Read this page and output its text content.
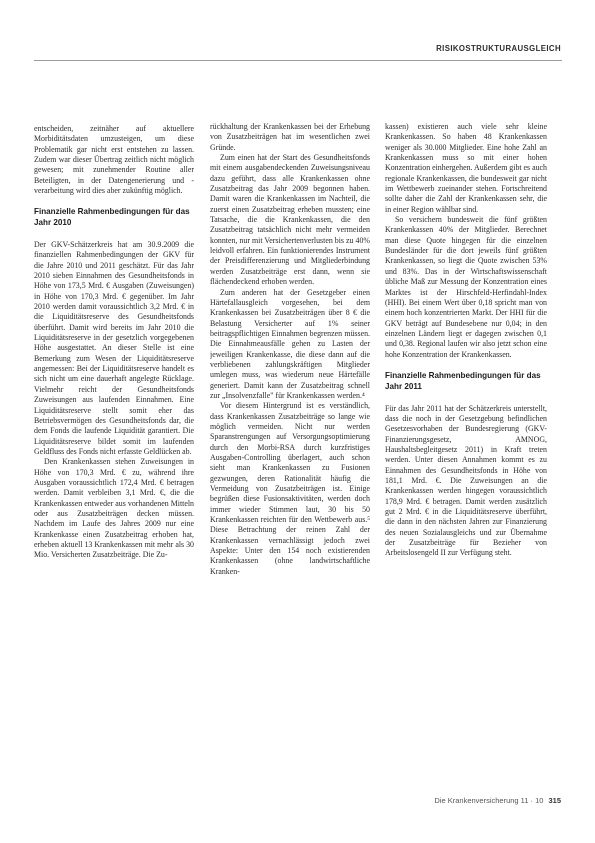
RISIKOSTRUKTURAUSGLEICH

entscheiden, zeitnäher auf aktuellere Morbiditätsdaten umzusteigen, um diese Problematik gar nicht erst entstehen zu lassen. Zudem war dieser Übertrag zeitlich nicht möglich gewesen; mit zunehmender Routine aller Beteiligten, in der Datengenerierung und -verarbeitung wird dies aber zukünftig möglich.

Finanzielle Rahmenbedingungen für das Jahr 2010

Der GKV-Schätzerkreis hat am 30.9.2009 die finanziellen Rahmenbedingungen der GKV für die Jahre 2010 und 2011 geschätzt. Für das Jahr 2010 sieben Einnahmen des Gesundheitsfonds in Höhe von 173,5 Mrd. € Ausgaben (Zuweisungen) in Höhe von 170,3 Mrd. € gegenüber. Im Jahr 2010 werden damit voraussichtlich 3,2 Mrd. € in die Liquiditätsreserve des Gesundheitsfonds überführt. Damit wird bereits im Jahr 2010 die Liquiditätsreserve in der gesetzlich vorgegebenen Höhe ausgestattet. An dieser Stelle ist eine Bemerkung zum Wesen der Liquiditätsreserve angemessen: Bei der Liquiditätsreserve handelt es sich nicht um eine dauerhaft angelegte Rücklage. Vielmehr reicht der Gesundheitsfonds Zuweisungen aus laufenden Einnahmen. Eine Liquiditätsreserve stellt somit eher das Betriebsvermögen des Gesundheitsfonds dar, die dem Fonds die laufende Liquidität garantiert. Die Liquiditätsreserve bildet somit im laufenden Geldfluss des Fonds nicht erfasste Geldlücken ab.

Den Krankenkassen stehen Zuweisungen in Höhe von 170,3 Mrd. € zu, während ihre Ausgaben voraussichtlich 172,4 Mrd. € betragen werden. Damit verbleiben 3,1 Mrd. €, die die Krankenkassen entweder aus vorhandenen Mitteln oder aus Zusatzbeiträgen decken müssen. Nachdem im Laufe des Jahres 2009 nur eine Krankenkasse einen Zusatzbeitrag erhoben hat, erheben aktuell 13 Krankenkassen mit mehr als 30 Mio. Versicherten Zusatzbeiträge. Die Zu-

rückhaltung der Krankenkassen bei der Erhebung von Zusatzbeiträgen hat im wesentlichen zwei Gründe.

Zum einen hat der Start des Gesundheitsfonds mit einem ausgabendeckenden Zuweisungsniveau dazu geführt, dass alle Krankenkassen ohne Zusatzbeitrag das Jahr 2009 begonnen haben. Damit waren die Krankenkassen im Nachteil, die zuerst einen Zusatzbeitrag erheben mussten; eine Tatsache, die die Krankenkassen, die den Zusatzbeitrag tatsächlich nicht mehr vermeiden konnten, nur mit Versichertenverlusten bis zu 40% leidvoll erfahren. Ein funktionierendes Instrument der Preisdifferenzierung und Mitgliederbindung werden Zusatzbeiträge erst dann, wenn sie flächendeckend erhoben werden.

Zum anderen hat der Gesetzgeber einen Härtefallausgleich vorgesehen, bei dem Krankenkassen bei Zusatzbeiträgen über 8 € die Belastung Versicherter auf 1% seiner beitragspflichtigen Einnahmen begrenzen müssen. Die Einnahmeausfälle gehen zu Lasten der jeweiligen Krankenkasse, die diese dann auf die verbliebenen zahlungskräftigen Mitglieder umlegen muss, was wiederum neue Härtefälle generiert. Damit kann der Zusatzbeitrag schnell zur „Insolvenzfalle" für Krankenkassen werden.⁴

Vor diesem Hintergrund ist es verständlich, dass Krankenkassen Zusatzbeiträge so lange wie möglich vermeiden. Nicht nur werden Sparanstrengungen auf Versorgungsoptimierung durch den Morbi-RSA durch kurzfristiges Ausgaben-Controlling überlagert, auch schon sieht man Krankenkassen zu Fusionen gezwungen, deren Rationalität häufig die Vermeidung von Zusatzbeiträgen ist. Einige begrüßen diese Fusionsaktivitäten, werden doch immer wieder Stimmen laut, 30 bis 50 Krankenkassen reichten für den Wettbewerb aus.⁵ Diese Betrachtung der reinen Zahl der Krankenkassen vernachlässigt jedoch zwei Aspekte: Unter den 154 noch existierenden Krankenkassen (ohne landwirtschaftliche Kranken-

kassen) existieren auch viele sehr kleine Krankenkassen. So haben 48 Krankenkassen weniger als 30.000 Mitglieder. Eine hohe Zahl an Krankenkassen muss so mit einer hohen Konzentration einhergehen. Außerdem gibt es auch regionale Krankenkassen, die bundesweit gar nicht im Wettbewerb zueinander stehen. Fortschreitend sollte daher die Zahl der Krankenkassen sehr, die in einer Region wählbar sind.

So versichern bundesweit die fünf größten Krankenkassen 40% der Mitglieder. Berechnet man diese Quote hingegen für die einzelnen Bundesländer für die dort jeweils fünf größten Krankenkassen, so liegt die Quote zwischen 53% und 83%. Das in der Wirtschaftswissenschaft übliche Maß zur Messung der Konzentration eines Marktes ist der Hirschfeld-Herfindahl-Index (HHI). Bei einem Wert über 0,18 spricht man von einem hoch konzentrierten Markt. Der HHI für die GKV beträgt auf Bundesebene nur 0,04; in den einzelnen Ländern liegt er dagegen zwischen 0,1 und 0,38. Regional laufen wir also jetzt schon eine hohe Konzentration der Krankenkassen.

Finanzielle Rahmenbedingungen für das Jahr 2011

Für das Jahr 2011 hat der Schätzerkreis unterstellt, dass die noch in der Gesetzgebung befindlichen Gesetzesvorhaben der Bundesregierung (GKV-Finanzierungsgesetz, AMNOG, Haushaltsbegleitgesetz 2011) in Kraft treten werden. Unter diesen Annahmen kommt es zu Einnahmen des Gesundheitsfonds in Höhe von 181,1 Mrd. €. Die Zuweisungen an die Krankenkassen werden hingegen voraussichtlich 178,9 Mrd. € betragen. Damit werden zusätzlich gut 2 Mrd. € in die Liquiditätsreserve überführt, die dann in den nächsten Jahren zur Finanzierung des neuen Sozialausgleichs und zur Übernahme der Zusatzbeiträge für Bezieher von Arbeitslosengeld II zur Verfügung steht.

Die Krankenversicherung 11 · 10 315
